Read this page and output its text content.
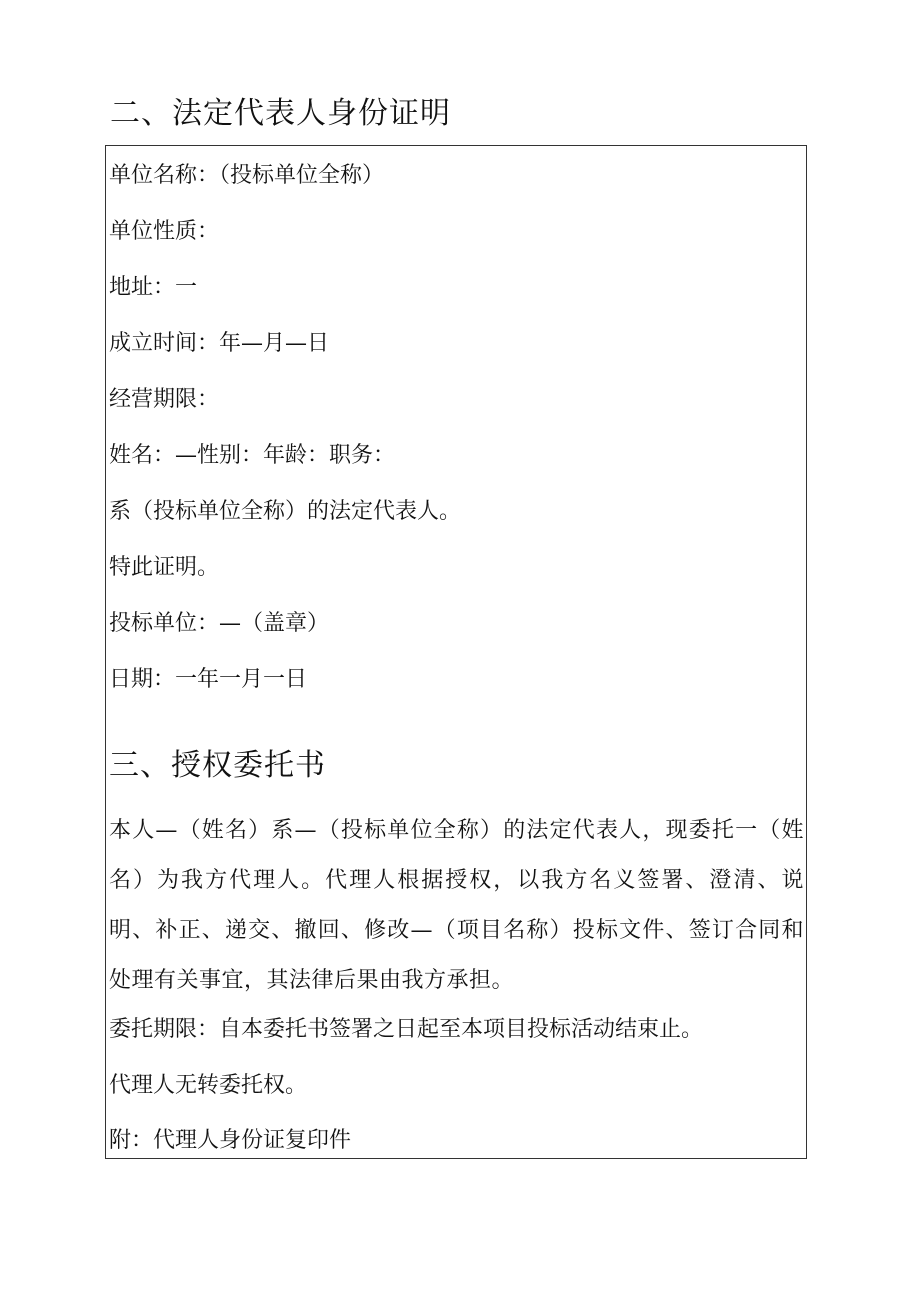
二、法定代表人身份证明

单位名称：（投标单位全称）

单位性质：

地址：一

成立时间：年—月—日

经营期限：

姓名：—性别：年龄：职务：

系（投标单位全称）的法定代表人。

特此证明。

投标单位：—（盖章）

日期：一年一月一日

三、授权委托书

本人—（姓名）系—（投标单位全称）的法定代表人，现委托一（姓名）为我方代理人。代理人根据授权，以我方名义签署、澄清、说明、补正、递交、撤回、修改—（项目名称）投标文件、签订合同和处理有关事宜，其法律后果由我方承担。

委托期限：自本委托书签署之日起至本项目投标活动结束止。

代理人无转委托权。

附：代理人身份证复印件
